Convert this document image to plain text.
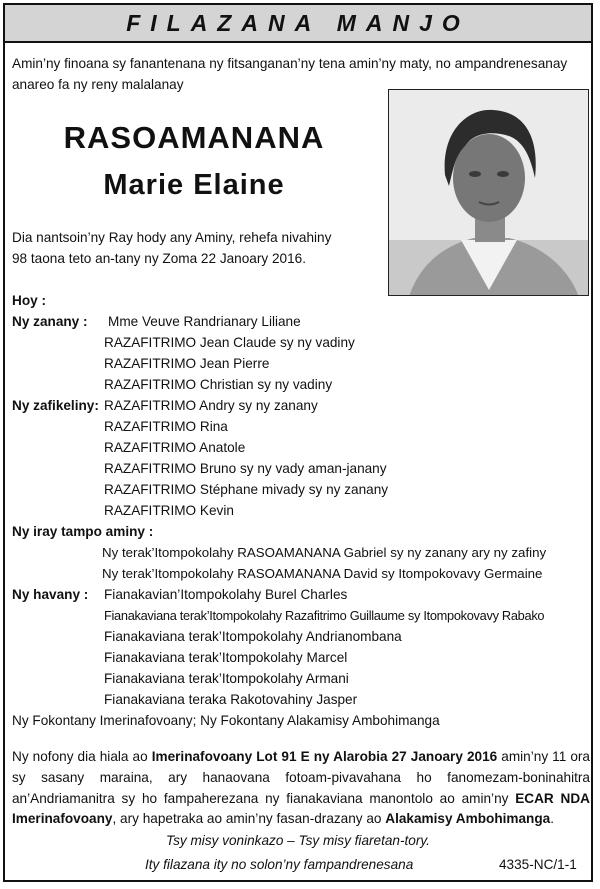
FILAZANA MANJO
Amin’ny finoana sy fanantenana ny fitsanganan’ny tena amin’ny maty, no ampandrenesanay anareo fa ny reny malalanay
RASOAMANANA
Marie Elaine
Dia nantsoin’ny Ray hody any Aminy, rehefa nivahiny
98 taona teto an-tany ny Zoma 22 Janoary 2016.
Hoy :
Ny zanany : Mme Veuve Randrianary Liliane
RAZAFITRIMO Jean Claude sy ny vadiny
RAZAFITRIMO Jean Pierre
RAZAFITRIMO Christian sy ny vadiny
Ny zafikeliny: RAZAFITRIMO Andry sy ny zanany
RAZAFITRIMO Rina
RAZAFITRIMO Anatole
RAZAFITRIMO Bruno sy ny vady aman-janany
RAZAFITRIMO Stéphane mivady sy ny zanany
RAZAFITRIMO Kevin
Ny iray tampo aminy :
Ny terak’Itompokolahy RASOAMANANA Gabriel sy ny zanany ary ny zafiny
Ny terak’Itompokolahy RASOAMANANA David sy Itompokovavy Germaine
Ny havany : Fianakavian’Itompokolahy Burel Charles
Fianakaviana terak’Itompokolahy Razafitrimo Guillaume sy Itompokovavy Rabako
Fianakaviana terak’Itompokolahy Andrianombana
Fianakaviana terak’Itompokolahy Marcel
Fianakaviana terak’Itompokolahy Armani
Fianakaviana teraka Rakotovahiny Jasper
Ny Fokontany Imerinafovoany; Ny Fokontany Alakamisy Ambohimanga
Ny nofony dia hiala ao Imerinafovoany Lot 91 E ny Alarobia 27 Janoary 2016 amin’ny 11 ora sy sasany maraina, ary hanaovana fotoam-pivavahana ho fanomezam-boninahitra an’Andriamanitra sy ho fampaherezana ny fianakaviana manontolo ao amin’ny ECAR NDA Imerinafovoany, ary hapetraka ao amin’ny fasan-drazany ao Alakamisy Ambohimanga.
Tsy misy voninkazo – Tsy misy fiaretan-tory.
Ity filazana ity no solon’ny fampandrenesana	4335-NC/1-1
